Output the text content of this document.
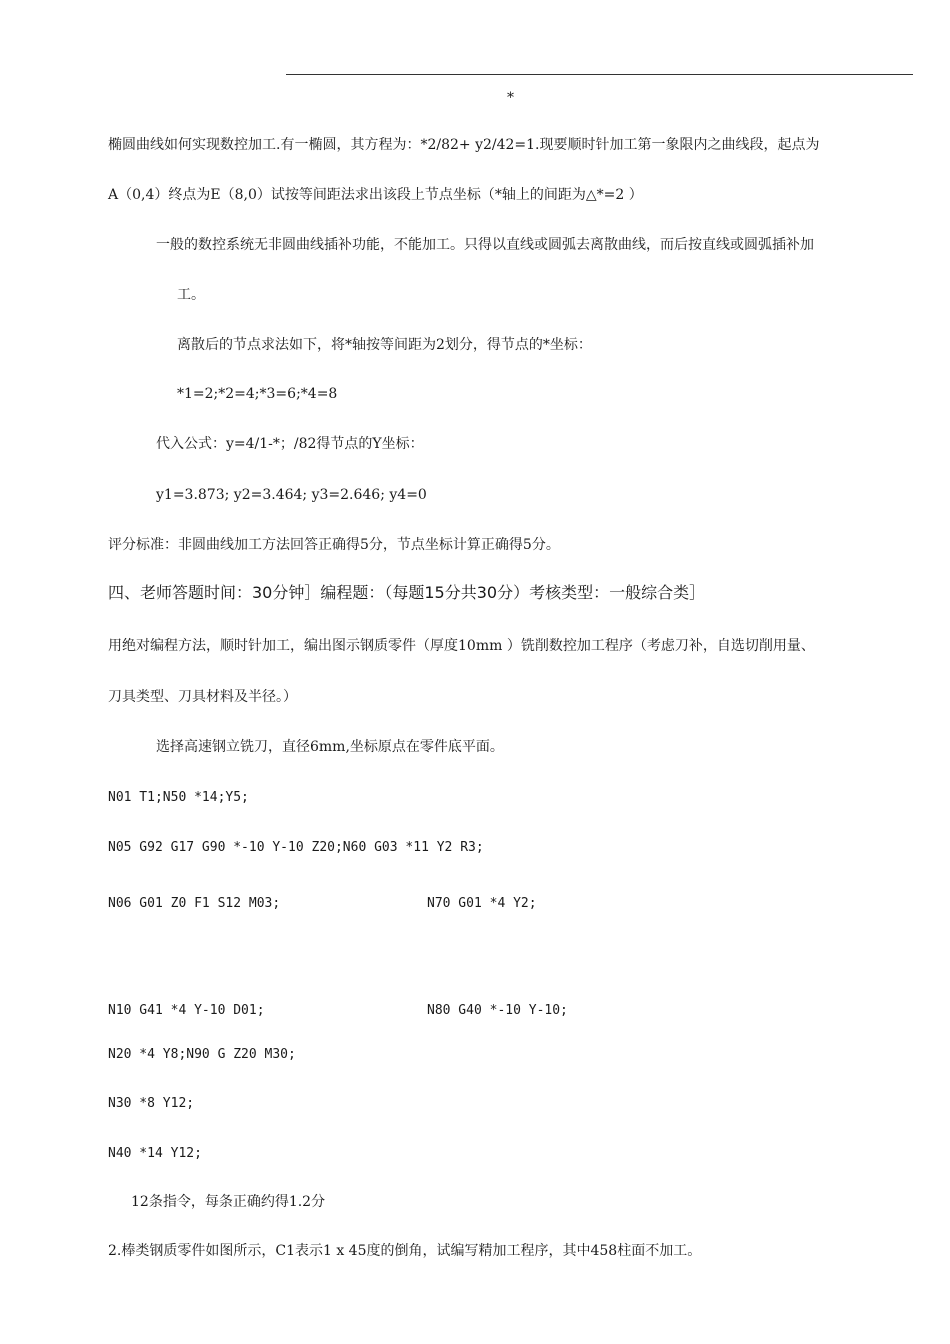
*
椭圆曲线如何实现数控加工.有一椭圆，其方程为：*2/82+ y2/42=1.现要顺时针加工第一象限内之曲线段，起点为
A（0,4）终点为E（8,0）试按等间距法求出该段上节点坐标（*轴上的间距为△*=2 ）
一般的数控系统无非圆曲线插补功能，不能加工。只得以直线或圆弧去离散曲线，而后按直线或圆弧插补加
工。
离散后的节点求法如下，将*轴按等间距为2划分，得节点的*坐标：
*1=2;*2=4;*3=6;*4=8
代入公式：y=4/1-*；/82得节点的Y坐标：
y1=3.873; y2=3.464; y3=2.646; y4=0
评分标准：非圆曲线加工方法回答正确得5分，节点坐标计算正确得5分。
四、老师答题时间：30分钟］编程题：（每题15分共30分）考核类型：一般综合类］
用绝对编程方法，顺时针加工，编出图示钢质零件（厚度10mm ）铣削数控加工程序（考虑刀补，自选切削用量、
刀具类型、刀具材料及半径。）
选择高速钢立铣刀，直径6mm,坐标原点在零件底平面。
N01 T1;N50 *14;Y5;
N05 G92 G17 G90 *-10 Y-10 Z20;N60 G03 *11 Y2 R3;
N06 G01 Z0 F1 S12 M03;	N70 G01 *4 Y2;
N10 G41 *4 Y-10 D01;	N80 G40 *-10 Y-10;
N20 *4 Y8;N90 G Z20 M30;
N30 *8 Y12;
N40 *14 Y12;
12条指令，每条正确约得1.2分
2.棒类钢质零件如图所示，C1表示1 x 45度的倒角，试编写精加工程序，其中458柱面不加工。
